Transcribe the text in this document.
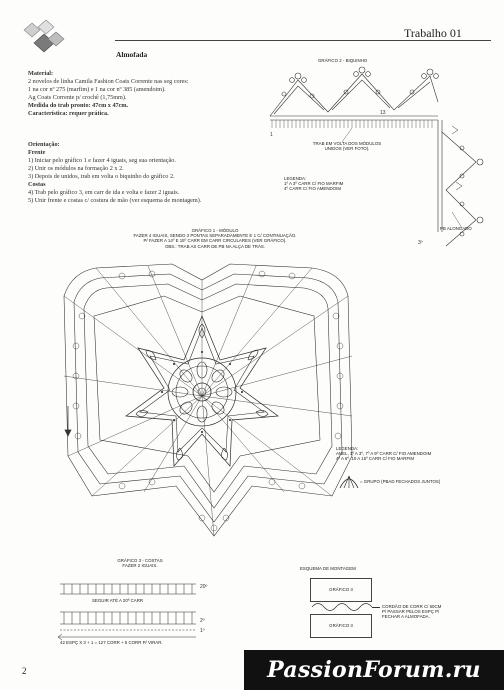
Trabalho 01
Almofada
Material:
2 novelos de linha Camila Fashion Coats Corrente nas seg cores:
1 na cor nº 275 (marfim) e 1 na cor nº 385 (amendoim).
Ag Coats Corrente p/ crochê (1,75mm).
Medida do trab pronto: 47cm x 47cm.
Característica: requer prática.
Orientação:
Frente
1) Iniciar pelo gráfico 1 e fazer 4 iguais, seg sua orientação.
2) Unir os módulos na formação 2 x 2.
3) Depois de unidos, trab em volta o biquinho do gráfico 2.
Costas
4) Trab pelo gráfico 3, em carr de ida e volta e fazer 2 iguais.
5) Unir frente e costas c/ costura de mão (ver esquema de montagem).
GRÁFICO 2 - BIQUINHO
13
1
3º
TRAB EM VOLTA DOS MÓDULOS
UNIDOS (VER FOTO).
LEGENDA:
1º A 3º CARR C/ FIO MARFIM
4º CARR C/ FIO AMENDOIM
PB ALONGADO
GRÁFICO 1 - MÓDULO
FAZER 4 IGUAIS, SENDO 3 PONTAS SEPARADAMENTE E 1 C/ CONTINUAÇÃO.
P/ FAZER A 14º E 15º CARR EM CARR CIRCULARES (VER GRÁFICO).
OBS.: TRAB AS CARR DE PB NA ALÇA DE TRÁS.
LEGENDA:
ANEL, 1º A 3º, 7º A 9º CARR C/ FIO AMENDOIM
4º A 6º, 10 A 15º CARR C/ FIO MARFIM
= GRUPO (PBAD FECHADOS JUNTOS)
GRÁFICO 3 - COSTAS
FAZER 2 IGUAIS.
20º
2º
1º
SEGUIR ATÉ A 20ª CARR
42 ESPÇ X 3 + 1 = 127 CORR + 5 CORR P/ VIRAR.
ESQUEMA DE MONTAGEM
GRÁFICO 3
GRÁFICO 3
CORDÃO DE CORR C/ 60CM
P/ PASSAR PELOS ESPÇ P/
FECHAR A ALMOFADA.
2	PassionForum.ru
